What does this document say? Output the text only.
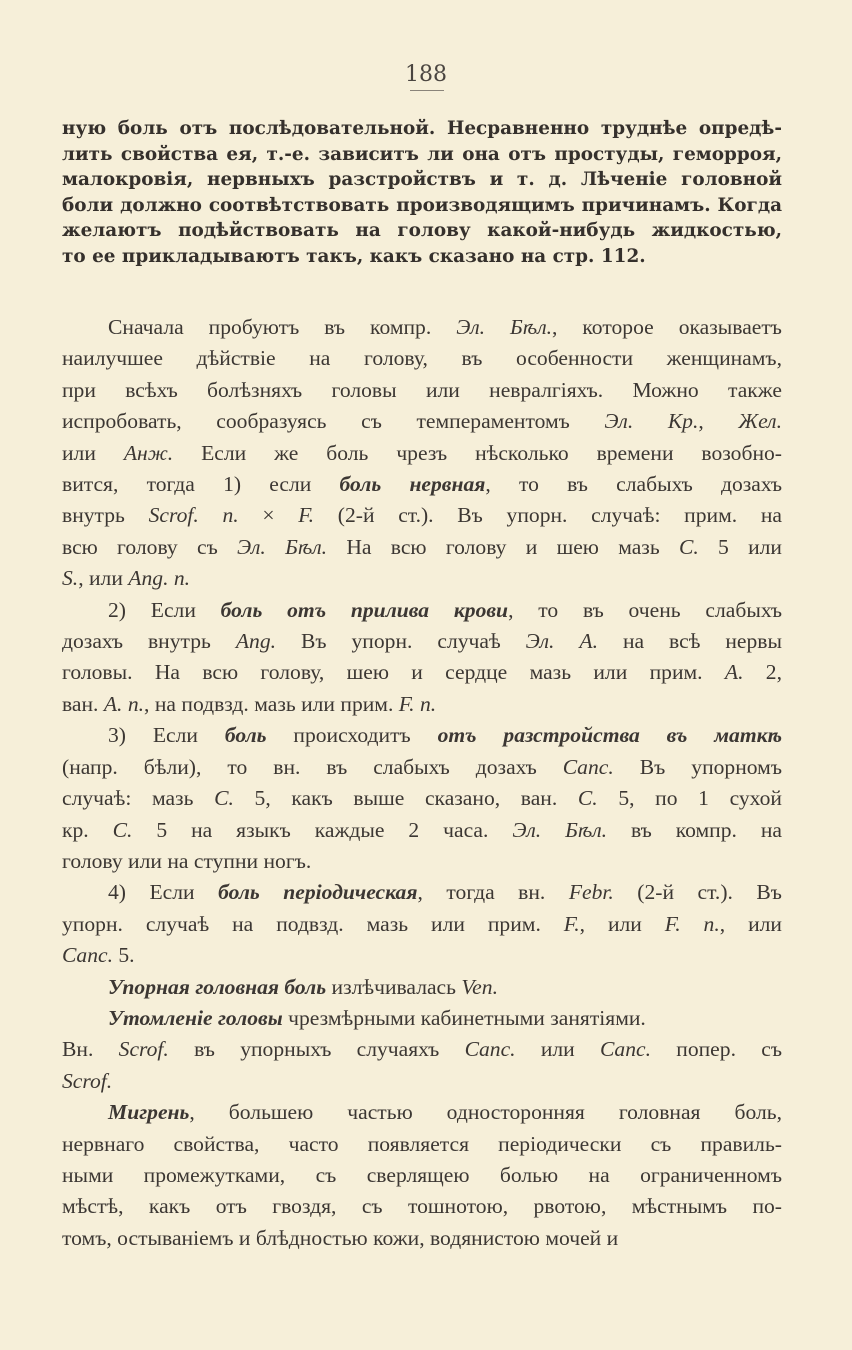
188
ную боль отъ послѣдовательной. Несравненно труднѣе опредѣ-
лить свойства ея, т.-е. зависитъ ли она отъ простуды, геморроя,
малокровія, нервныхъ разстройствъ и т. д. Лѣченіе головной
боли должно соотвѣтствовать производящимъ причинамъ. Когда
желаютъ подѣйствовать на голову какой-нибудь жидкостью,
то ее прикладываютъ такъ, какъ сказано на стр. 112.
Сначала пробуютъ въ компр. Эл. Бѣл., которое оказываетъ
наилучшее дѣйствіе на голову, въ особенности женщинамъ,
при всѣхъ болѣзняхъ головы или невралгіяхъ. Можно также
испробовать, сообразуясь съ темпераментомъ Эл. Кр., Жел.
или Анж. Если же боль чрезъ нѣсколько времени возобно-
вится, тогда 1) если боль нервная, то въ слабыхъ дозахъ
внутрь Scrof. п. × F. (2-й ст.). Въ упорн. случаѣ: прим. на
всю голову съ Эл. Бѣл. На всю голову и шею мазь С. 5 или
S., или Ang. п.
2) Если боль отъ прилива крови, то въ очень слабыхъ
дозахъ внутрь Ang. Въ упорн. случаѣ Эл. А. на всѣ нервы
головы. На всю голову, шею и сердце мазь или прим. А. 2,
ван. А. п., на подвзд. мазь или прим. F. п.
3) Если боль происходитъ отъ разстройства въ маткѣ
(напр. бѣли), то вн. въ слабыхъ дозахъ Canc. Въ упорномъ
случаѣ: мазь С. 5, какъ выше сказано, ван. С. 5, по 1 сухой
кр. С. 5 на языкъ каждые 2 часа. Эл. Бѣл. въ компр. на
голову или на ступни ногъ.
4) Если боль періодическая, тогда вн. Febr. (2-й ст.). Въ
упорн. случаѣ на подвзд. мазь или прим. F., или F. п., или
Canc. 5.
Упорная головная боль излѣчивалась Ven.
Утомленіе головы чрезмѣрными кабинетными занятіями.
Вн. Scrof. въ упорныхъ случаяхъ Canc. или Canc. попер. съ
Scrof.
Мигрень, большею частью односторонняя головная боль,
нервнаго свойства, часто появляется періодически съ правиль-
ными промежутками, съ сверлящею болью на ограниченномъ
мѣстѣ, какъ отъ гвоздя, съ тошнотою, рвотою, мѣстнымъ по-
томъ, остываніемъ и блѣдностью кожи, водянистою мочей и
